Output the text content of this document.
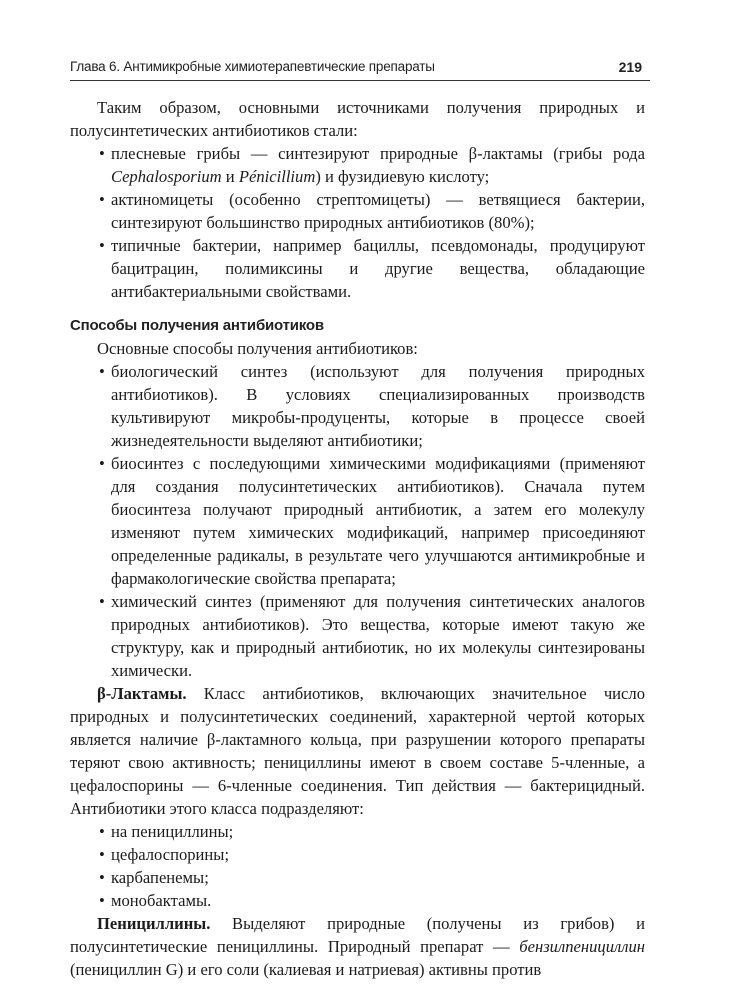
Глава 6. Антимикробные химиотерапевтические препараты	219

Таким образом, основными источниками получения природных и полусинтетических антибиотиков стали:

• плесневые грибы — синтезируют природные β-лактамы (грибы рода Cephalosporium и Pénicillium) и фузидиевую кислоту;
• актиномицеты (особенно стрептомицеты) — ветвящиеся бактерии, синтезируют большинство природных антибиотиков (80%);
• типичные бактерии, например бациллы, псевдомонады, продуцируют бацитрацин, полимиксины и другие вещества, обладающие антибактериальными свойствами.
Способы получения антибиотиков

Основные способы получения антибиотиков:

• биологический синтез (используют для получения природных антибиотиков). В условиях специализированных производств культивируют микробы-продуценты, которые в процессе своей жизнедеятельности выделяют антибиотики;
• биосинтез с последующими химическими модификациями (применяют для создания полусинтетических антибиотиков). Сначала путем биосинтеза получают природный антибиотик, а затем его молекулу изменяют путем химических модификаций, например присоединяют определенные радикалы, в результате чего улучшаются антимикробные и фармакологические свойства препарата;
• химический синтез (применяют для получения синтетических аналогов природных антибиотиков). Это вещества, которые имеют такую же структуру, как и природный антибиотик, но их молекулы синтезированы химически.

β-Лактамы. Класс антибиотиков, включающих значительное число природных и полусинтетических соединений, характерной чертой которых является наличие β-лактамного кольца, при разрушении которого препараты теряют свою активность; пенициллины имеют в своем составе 5-членные, а цефалоспорины — 6-членные соединения. Тип действия — бактерицидный. Антибиотики этого класса подразделяют:

• на пенициллины;
• цефалоспорины;
• карбапенемы;
• монобактамы.

Пенициллины. Выделяют природные (получены из грибов) и полусинтетические пенициллины. Природный препарат — бензилпенициллин (пенициллин G) и его соли (калиевая и натриевая) активны против
